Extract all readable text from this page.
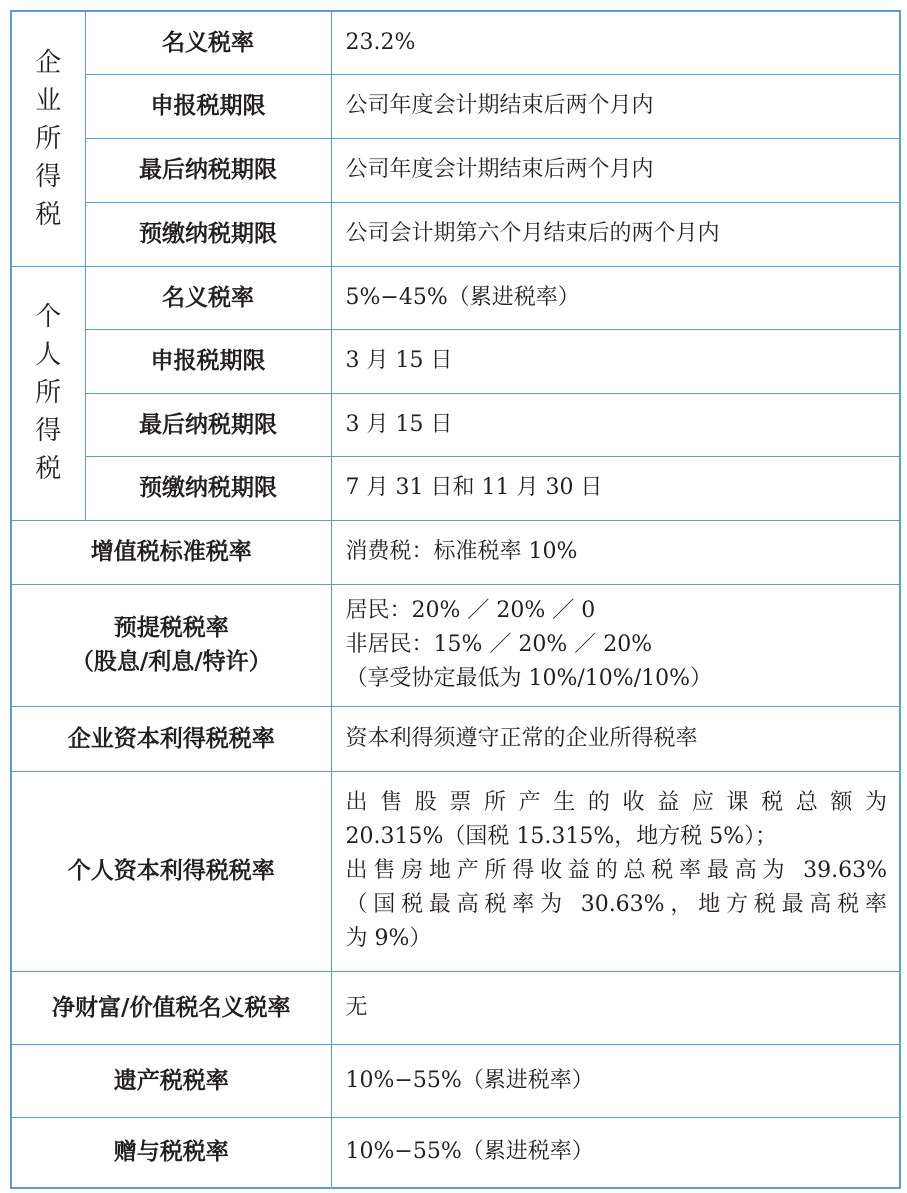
企
业
所
得
税	名义税率	23.2%
	申报税期限	公司年度会计期结束后两个月内
	最后纳税期限	公司年度会计期结束后两个月内
	预缴纳税期限	公司会计期第六个月结束后的两个月内

个
人
所
得
税	名义税率	5%−45%（累进税率）
	申报税期限	3 月 15 日
	最后纳税期限	3 月 15 日
	预缴纳税期限	7 月 31 日和 11 月 30 日
增值税标准税率		消费税：标准税率 10%

预提税税率
（股息/利息/特许）		居民：20% ／ 20% ／ 0
非居民：15% ／ 20% ／ 20%
（享受协定最低为 10%/10%/10%）

企业资本利得税税率		资本利得须遵守正常的企业所得税率
个人资本利得税税率		出售股票所产生的收益应课税总额为
20.315%（国税 15.315%，地方税 5%）；
出售房地产所得收益的总税率最高为 39.63%
（国税最高税率为 30.63%，地方税最高税率
为 9%）

净财富/价值税名义税率		无
遗产税税率		10%−55%（累进税率）
赠与税税率		10%−55%（累进税率）
